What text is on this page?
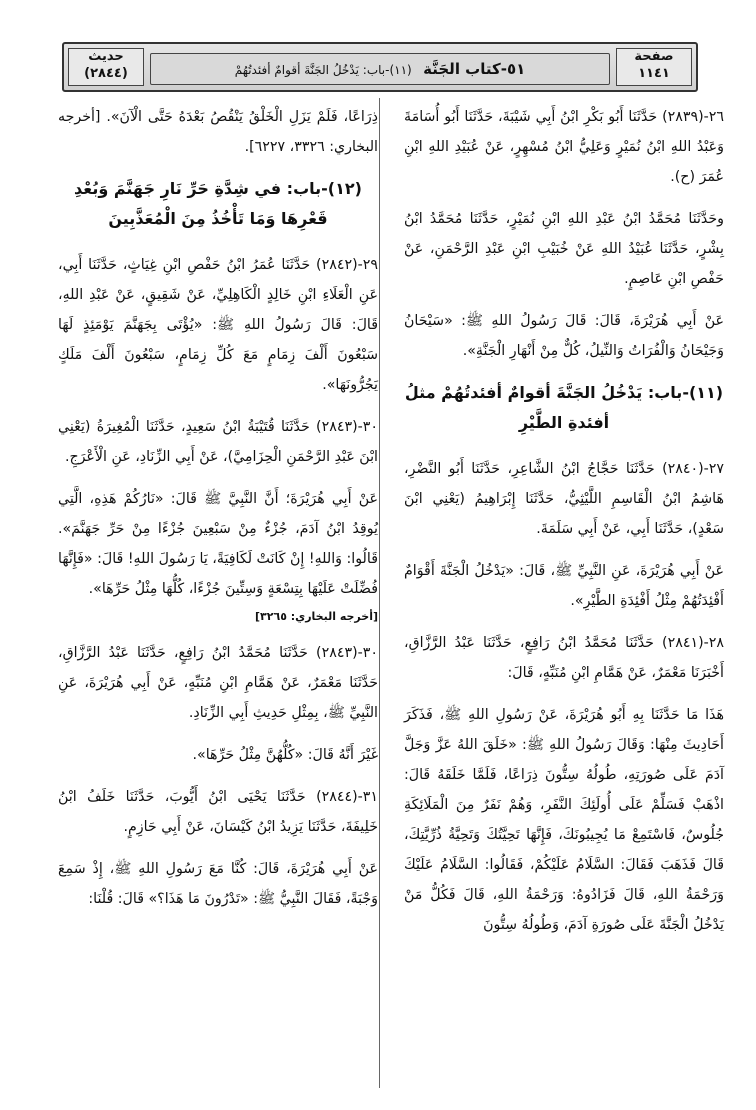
صفحة
١١٤١
٥١-كتاب الجَنَّة   (١١)-باب: يَدْخُلُ الجَنَّةَ أقوامٌ أفئدتُهُمْ
حديث
(٢٨٤٤)

٢٦-(٢٨٣٩) حَدَّثَنَا أَبُو بَكْرِ ابْنُ أَبِي شَيْبَةَ، حَدَّثَنَا أَبُو أُسَامَةَ وَعَبْدُ اللهِ ابْنُ نُمَيْرٍ وَعَلِيُّ ابْنُ مُسْهِرٍ، عَنْ عُبَيْدِ اللهِ ابْنِ عُمَرَ (ح).

وحَدَّثَنَا مُحَمَّدُ ابْنُ عَبْدِ اللهِ ابْنِ نُمَيْرٍ، حَدَّثَنَا مُحَمَّدُ ابْنُ بِشْرٍ، حَدَّثَنَا عُبَيْدُ اللهِ عَنْ خُبَيْبِ ابْنِ عَبْدِ الرَّحْمَنِ، عَنْ حَفْصِ ابْنِ عَاصِمٍ.

عَنْ أَبِي هُرَيْرَةَ، قَالَ: قَالَ رَسُولُ اللهِ ﷺ: «سَيْحَانُ وَجَيْحَانُ وَالْفُرَاتُ وَالنِّيلُ، كُلٌّ مِنْ أَنْهَارِ الْجَنَّةِ».

(١١)-باب: يَدْخُلُ الجَنَّةَ أقوامٌ أفئدتُهُمْ مثلُ أفئدةِ الطَّيْرِ

٢٧-(٢٨٤٠) حَدَّثَنَا حَجَّاجُ ابْنُ الشَّاعِرِ، حَدَّثَنَا أَبُو النَّضْرِ، هَاشِمُ ابْنُ الْقَاسِمِ اللَّيْثِيُّ، حَدَّثَنَا إِبْرَاهِيمُ (يَعْنِي ابْنَ سَعْدٍ)، حَدَّثَنَا أَبِي، عَنْ أَبِي سَلَمَةَ.

عَنْ أَبِي هُرَيْرَةَ، عَنِ النَّبِيِّ ﷺ، قَالَ: «يَدْخُلُ الْجَنَّةَ أَقْوَامٌ أَفْئِدَتُهُمْ مِثْلُ أَفْئِدَةِ الطَّيْرِ».

٢٨-(٢٨٤١) حَدَّثَنَا مُحَمَّدُ ابْنُ رَافِعٍ، حَدَّثَنَا عَبْدُ الرَّزَّاقِ، أَخْبَرَنَا مَعْمَرٌ، عَنْ هَمَّامِ ابْنِ مُنَبِّهٍ، قَالَ:

هَذَا مَا حَدَّثَنَا بِهِ أَبُو هُرَيْرَةَ، عَنْ رَسُولِ اللهِ ﷺ، فَذَكَرَ أَحَادِيثَ مِنْهَا: وَقَالَ رَسُولُ اللهِ ﷺ: «خَلَقَ اللهُ عَزَّ وَجَلَّ آدَمَ عَلَى صُورَتِهِ، طُولُهُ سِتُّونَ ذِرَاعًا، فَلَمَّا خَلَقَهُ قَالَ: اذْهَبْ فَسَلِّمْ عَلَى أُولَئِكَ النَّفَرِ، وَهُمْ نَفَرٌ مِنَ الْمَلَائِكَةِ جُلُوسٌ، فَاسْتَمِعْ مَا يُجِيبُونَكَ، فَإِنَّهَا تَحِيَّتُكَ وَتَحِيَّةُ ذُرِّيَّتِكَ، قَالَ فَذَهَبَ فَقَالَ: السَّلَامُ عَلَيْكُمْ، فَقَالُوا: السَّلَامُ عَلَيْكَ وَرَحْمَةُ اللهِ، قَالَ فَزَادُوهُ: وَرَحْمَةُ اللهِ، قَالَ فَكُلُّ مَنْ يَدْخُلُ الْجَنَّةَ عَلَى صُورَةِ آدَمَ، وَطُولُهُ سِتُّونَ

ذِرَاعًا، فَلَمْ يَزَلِ الْخَلْقُ يَنْقُصُ بَعْدَهُ حَتَّى الْآنَ». [أخرجه البخاري: ٣٣٢٦، ٦٢٢٧].

(١٢)-باب: في شِدَّةِ حَرِّ نَارِ جَهَنَّمَ وَبُعْدِ قَعْرِهَا وَمَا تَأْخُذُ مِنَ الْمُعَذَّبِينَ

٢٩-(٢٨٤٢) حَدَّثَنَا عُمَرُ ابْنُ حَفْصِ ابْنِ غِيَاثٍ، حَدَّثَنَا أَبِي، عَنِ الْعَلَاءِ ابْنِ خَالِدٍ الْكَاهِلِيِّ، عَنْ شَقِيقٍ، عَنْ عَبْدِ اللهِ، قَالَ: قَالَ رَسُولُ اللهِ ﷺ: «يُؤْتَى بِجَهَنَّمَ يَوْمَئِذٍ لَهَا سَبْعُونَ أَلْفَ زِمَامٍ مَعَ كُلِّ زِمَامٍ، سَبْعُونَ أَلْفَ مَلَكٍ يَجُرُّونَهَا».

٣٠-(٢٨٤٣) حَدَّثَنَا قُتَيْبَةُ ابْنُ سَعِيدٍ، حَدَّثَنَا الْمُغِيرَةُ (يَعْنِي ابْنَ عَبْدِ الرَّحْمَنِ الْحِزَامِيَّ)، عَنْ أَبِي الزِّنَادِ، عَنِ الْأَعْرَجِ.

عَنْ أَبِي هُرَيْرَةَ؛ أَنَّ النَّبِيَّ ﷺ قَالَ: «نَارُكُمْ هَذِهِ، الَّتِي يُوقِدُ ابْنُ آدَمَ، جُزْءٌ مِنْ سَبْعِينَ جُزْءًا مِنْ حَرِّ جَهَنَّمَ». قَالُوا: وَاللهِ! إِنْ كَانَتْ لَكَافِيَةً، يَا رَسُولَ اللهِ! قَالَ: «فَإِنَّهَا فُضِّلَتْ عَلَيْهَا بِتِسْعَةٍ وَسِتِّينَ جُزْءًا، كُلُّهَا مِثْلُ حَرِّهَا».

[أخرجه البخاري: ٣٢٦٥]

٣٠-(٢٨٤٣) حَدَّثَنَا مُحَمَّدُ ابْنُ رَافِعٍ، حَدَّثَنَا عَبْدُ الرَّزَّاقِ، حَدَّثَنَا مَعْمَرٌ، عَنْ هَمَّامِ ابْنِ مُنَبِّهٍ، عَنْ أَبِي هُرَيْرَةَ، عَنِ النَّبِيِّ ﷺ، بِمِثْلِ حَدِيثِ أَبِي الزِّنَادِ.

غَيْرَ أَنَّهُ قَالَ: «كُلُّهُنَّ مِثْلُ حَرِّهَا».

٣١-(٢٨٤٤) حَدَّثَنَا يَحْيَى ابْنُ أَيُّوبَ، حَدَّثَنَا خَلَفُ ابْنُ خَلِيفَةَ، حَدَّثَنَا يَزِيدُ ابْنُ كَيْسَانَ، عَنْ أَبِي حَازِمٍ.

عَنْ أَبِي هُرَيْرَةَ، قَالَ: كُنَّا مَعَ رَسُولِ اللهِ ﷺ، إِذْ سَمِعَ وَجْبَةً، فَقَالَ النَّبِيُّ ﷺ: «تَدْرُونَ مَا هَذَا؟» قَالَ: قُلْنَا:
